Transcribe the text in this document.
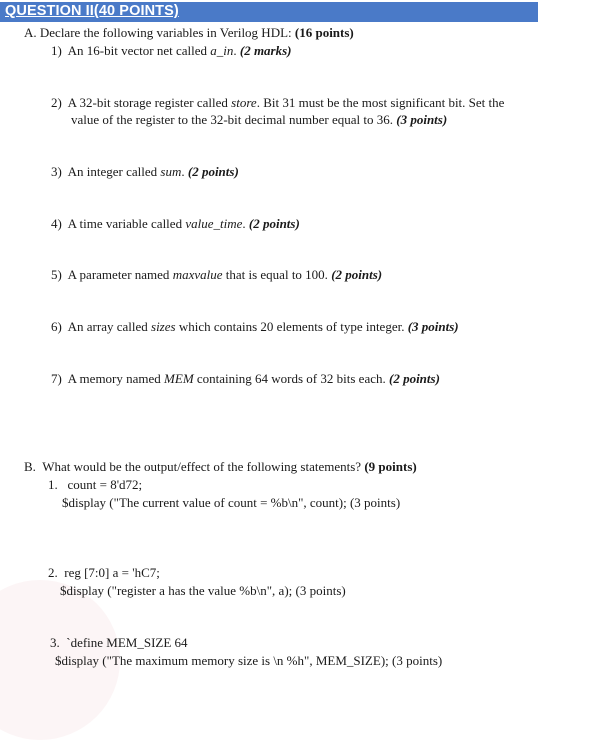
QUESTION II(40 POINTS)
A. Declare the following variables in Verilog HDL: (16 points)
1) An 16-bit vector net called a_in. (2 marks)
2) A 32-bit storage register called store. Bit 31 must be the most significant bit. Set the
value of the register to the 32-bit decimal number equal to 36. (3 points)
3) An integer called sum. (2 points)
4) A time variable called value_time. (2 points)
5) A parameter named maxvalue that is equal to 100. (2 points)
6) An array called sizes which contains 20 elements of type integer. (3 points)
7) A memory named MEM containing 64 words of 32 bits each. (2 points)
B. What would be the output/effect of the following statements? (9 points)
1. count = 8'd72;
$display ("The current value of count = %b\n", count); (3 points)
2. reg [7:0] a = 'hC7;
$display ("register a has the value %b\n", a); (3 points)
3. `define MEM_SIZE 64
$display ("The maximum memory size is \n %h", MEM_SIZE); (3 points)
